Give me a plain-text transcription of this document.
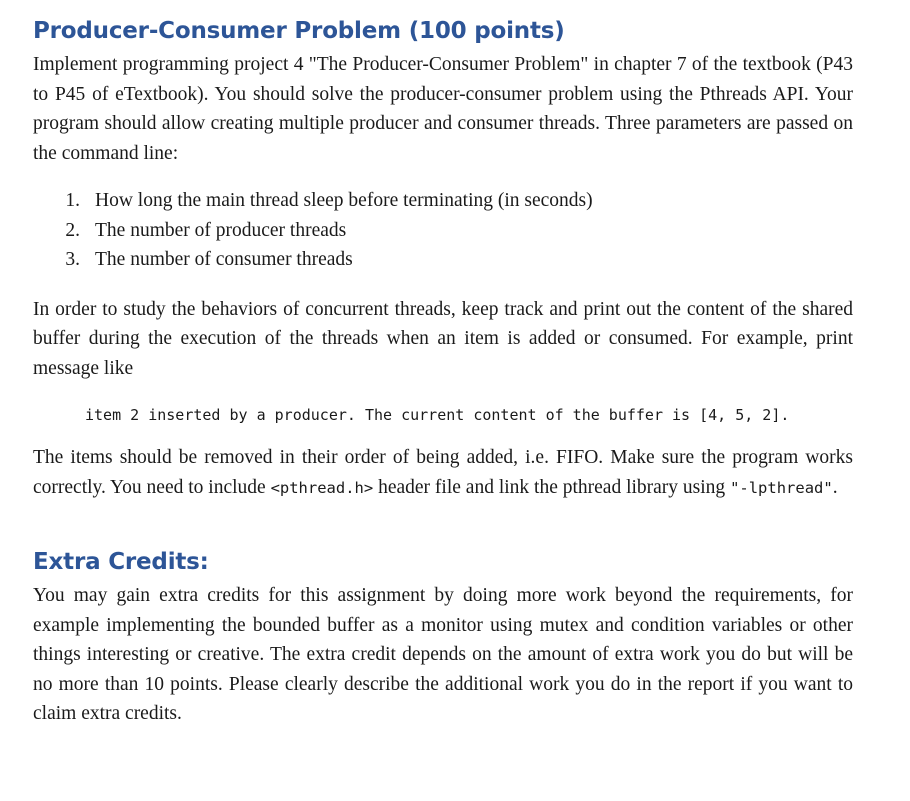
Producer-Consumer Problem (100 points)

Implement programming project 4 "The Producer-Consumer Problem" in chapter 7 of the textbook (P43 to P45 of eTextbook). You should solve the producer-consumer problem using the Pthreads API. Your program should allow creating multiple producer and consumer threads. Three parameters are passed on the command line:

1. How long the main thread sleep before terminating (in seconds)
2. The number of producer threads
3. The number of consumer threads

In order to study the behaviors of concurrent threads, keep track and print out the content of the shared buffer during the execution of the threads when an item is added or consumed. For example, print message like

item 2 inserted by a producer. The current content of the buffer is [4, 5, 2].

The items should be removed in their order of being added, i.e. FIFO. Make sure the program works correctly. You need to include <pthread.h> header file and link the pthread library using "-lpthread".

Extra Credits:

You may gain extra credits for this assignment by doing more work beyond the requirements, for example implementing the bounded buffer as a monitor using mutex and condition variables or other things interesting or creative. The extra credit depends on the amount of extra work you do but will be no more than 10 points. Please clearly describe the additional work you do in the report if you want to claim extra credits.
